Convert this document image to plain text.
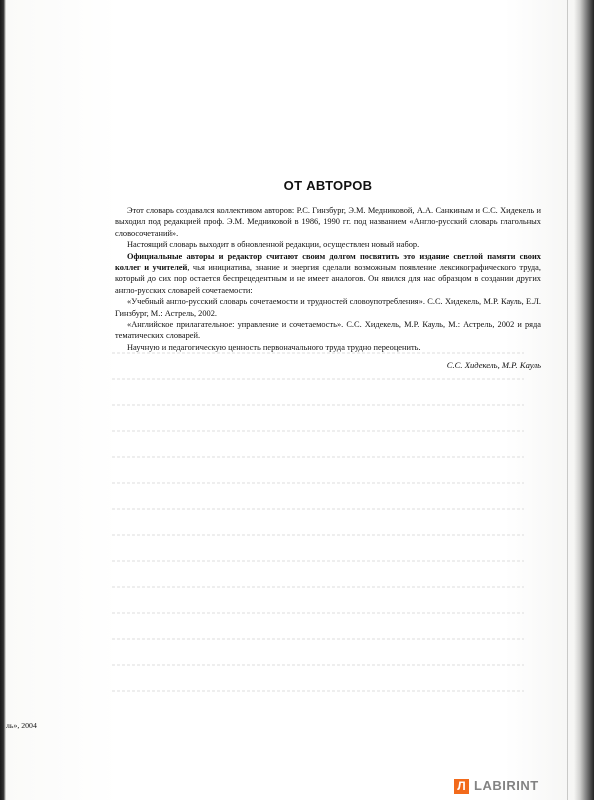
ОТ АВТОРОВ

Этот словарь создавался коллективом авторов: Р.С. Гинзбург, Э.М. Медниковой, А.А. Санкиным и С.С. Хидекель и выходил под редакцией проф. Э.М. Медниковой в 1986, 1990 гг. под названием «Англо-русский словарь глагольных словосочетаний».

Настоящий словарь выходит в обновленной редакции, осуществлен новый набор.

Официальные авторы и редактор считают своим долгом посвятить это издание светлой памяти своих коллег и учителей, чья инициатива, знание и энергия сделали возможным появление лексикографического труда, который до сих пор остается беспрецедентным и не имеет аналогов. Он явился для нас образцом в создании других англо-русских словарей сочетаемости:

«Учебный англо-русский словарь сочетаемости и трудностей словоупотребления». С.С. Хидекель, М.Р. Кауль, Е.Л. Гинзбург, М.: Астрель, 2002.

«Английское прилагательное: управление и сочетаемость». С.С. Хидекель, М.Р. Кауль, М.: Астрель, 2002 и ряда тематических словарей.

Научную и педагогическую ценность первоначального труда трудно переоценить.

С.С. Хидекель, М.Р. Кауль
ль», 2004
Л LABIRINT
